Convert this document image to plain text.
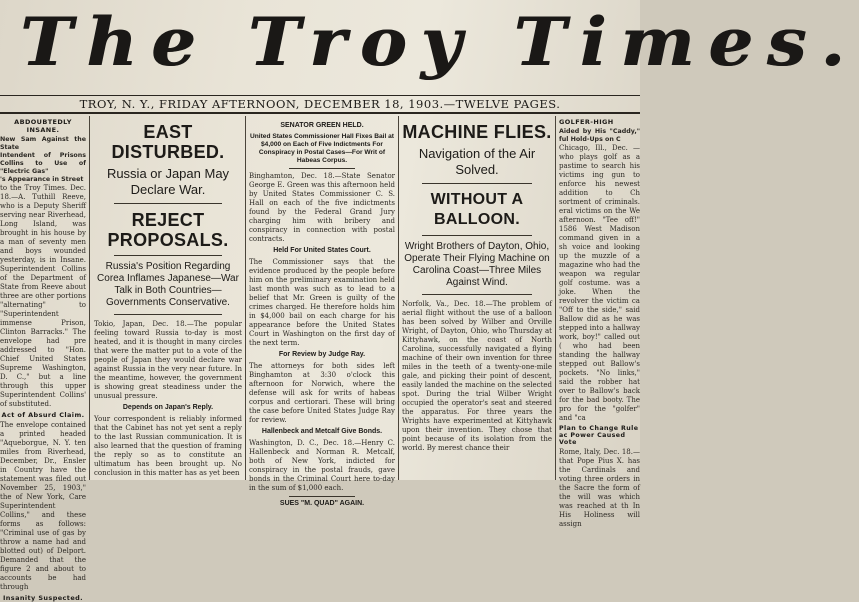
The Troy Times.
TROY, N. Y., FRIDAY AFTERNOON, DECEMBER 18, 1903.—TWELVE PAGES.

ABDOUBTEDLY INSANE.

New Sam Against the State
Intendent of Prisons Collins to Use of "Electric Gas"
's Appearance in Street

to the Troy Times. Dec. 18.—A. Tuthill Reeve, who is a Deputy Sheriff serving near Riverhead, Long Island, was brought in his house by a man of seventy men and boys wounded yesterday, is in Insane. Superintendent Collins of the Department of State from Reeve about three are other portions "alternating" to "Superintendent immense Prison, Clinton Barracks." The envelope had pre addressed to "Hon. Chief United States Supreme Washington, D. C.," but a line through this upper Superintendent Collins' of substituted.

Act of Absurd Claim.

The envelope contained a printed headed "Aqueborgue, N. Y. ten miles from Riverhead, December, Dr., Ensler in Country have the statement was filed out November 25, 1903," the of New York, Care Superintendent Collins," and these forms as follows: "Criminal use of gas by throw a name had and blotted out) of Delport. Demanded that the figure 2 and about to accounts be had through

Insanity Suspected.

EAST DISTURBED.
Russia or Japan May Declare War.
REJECT PROPOSALS.
Russia's Position Regarding Corea Inflames Japanese—War Talk in Both Countries—Governments Conservative.

Tokio, Japan, Dec. 18.—The popular feeling toward Russia to-day is most heated, and it is thought in many circles that were the matter put to a vote of the people of Japan they would declare war against Russia in the very near future. In the meantime, however, the government is showing great steadiness under the unusual pressure.

Depends on Japan's Reply.

Your correspondent is reliably informed that the Cabinet has not yet sent a reply to the last Russian communication. It is also learned that the question of framing the reply so as to constitute an ultimatum has been brought up. No conclusion in this matter has as yet been

SENATOR GREEN HELD.

United States Commissioner Hall Fixes Bail at $4,000 on Each of Five Indictments For Conspiracy in Postal Cases—For Writ of Habeas Corpus.

Binghamton, Dec. 18.—State Senator George E. Green was this afternoon held by United States Commissioner C. S. Hall on each of the five indictments found by the Federal Grand Jury charging him with bribery and conspiracy in connection with postal contracts.

Held For United States Court.

The Commissioner says that the evidence produced by the people before him on the preliminary examination held last month was such as to lead to a belief that Mr. Green is guilty of the crimes charged. He therefore holds him in $4,000 bail on each charge for his appearance before the United States Court in Washington on the first day of the next term.

For Review by Judge Ray.

The attorneys for both sides left Binghamton at 3:30 o'clock this afternoon for Norwich, where the defense will ask for writs of habeas corpus and certiorari. These will bring the case before United States Judge Ray for review.

Hallenbeck and Metcalf Give Bonds.

Washington, D. C., Dec. 18.—Henry C. Hallenbeck and Norman R. Metcalf, both of New York, indicted for conspiracy in the postal frauds, gave bonds in the Criminal Court here to-day in the sum of $1,000 each.

SUES "M. QUAD" AGAIN.

MACHINE FLIES.
Navigation of the Air Solved.
WITHOUT A BALLOON.
Wright Brothers of Dayton, Ohio, Operate Their Flying Machine on Carolina Coast—Three Miles Against Wind.

Norfolk, Va., Dec. 18.—The problem of aerial flight without the use of a balloon has been solved by Wilber and Orville Wright, of Dayton, Ohio, who Thursday at Kittyhawk, on the coast of North Carolina, successfully navigated a flying machine of their own invention for three miles in the teeth of a twenty-one-mile gale, and picking their point of descent, easily landed the machine on the selected spot. During the trial Wilber Wright occupied the operator's seat and steered the apparatus. For three years the Wrights have experimented at Kittyhawk upon their invention. They chose that point because of its isolation from the world. By merest chance their

GOLFER-HIGH

Aided by His "Caddy," ful Hold-Ups on C

Chicago, Ill., Dec. — who plays golf as a pastime to search his victims ing gun to enforce his newest addition to Ch sortment of criminals. eral victims on the We afternoon. "Tee off!" 1586 West Madison command given in a sh voice and looking up the muzzle of a magazine who had the weapon wa regular golf costume. was a joke. When the revolver the victim ca "Off to the side," said Ballow did as he was stepped into a hallway work, boy!" called out ( who had been standing the hallway stepped out Ballow's pockets. "No links," said the robber hat over to Ballow's back for the bad booty. The pro for the "golfer" and "ca

Plan to Change Rule ac Power Caused Vote

Rome, Italy, Dec. 18.— that Pope Pius X. has the Cardinals and voting three orders in the Sacre the form of the will was which was reached at th In His Holiness will assign
